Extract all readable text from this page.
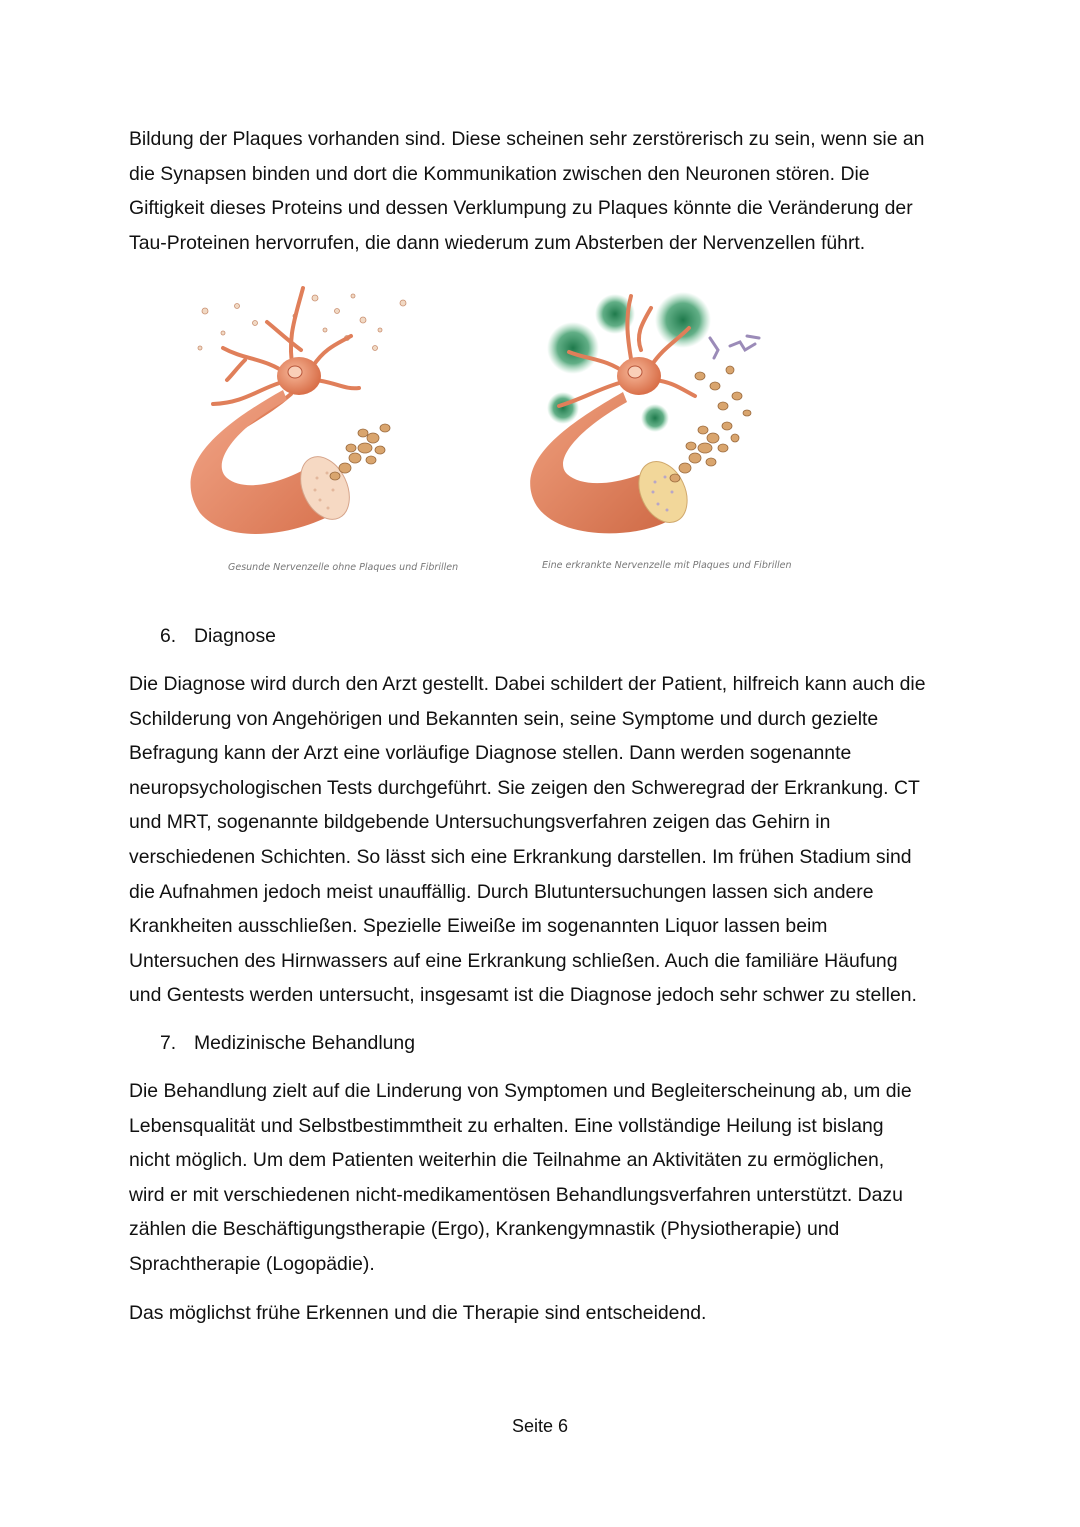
Bildung der Plaques vorhanden sind. Diese scheinen sehr zerstörerisch zu sein, wenn sie an
die Synapsen binden und dort die Kommunikation zwischen den Neuronen stören. Die
Giftigkeit dieses Proteins und dessen Verklumpung zu Plaques könnte die Veränderung der
Tau-Proteinen hervorrufen, die dann wiederum zum Absterben der Nervenzellen führt.
Gesunde Nervenzelle ohne Plaques und Fibrillen	Eine erkrankte Nervenzelle mit Plaques und Fibrillen
6. Diagnose
Die Diagnose wird durch den Arzt gestellt. Dabei schildert der Patient, hilfreich kann auch die
Schilderung von Angehörigen und Bekannten sein, seine Symptome und durch gezielte
Befragung kann der Arzt eine vorläufige Diagnose stellen. Dann werden sogenannte
neuropsychologischen Tests durchgeführt. Sie zeigen den Schweregrad der Erkrankung. CT
und MRT, sogenannte bildgebende Untersuchungsverfahren zeigen das Gehirn in
verschiedenen Schichten. So lässt sich eine Erkrankung darstellen. Im frühen Stadium sind
die Aufnahmen jedoch meist unauffällig. Durch Blutuntersuchungen lassen sich andere
Krankheiten ausschließen. Spezielle Eiweiße im sogenannten Liquor lassen beim
Untersuchen des Hirnwassers auf eine Erkrankung schließen. Auch die familiäre Häufung
und Gentests werden untersucht, insgesamt ist die Diagnose jedoch sehr schwer zu stellen.
7. Medizinische Behandlung
Die Behandlung zielt auf die Linderung von Symptomen und Begleiterscheinung ab, um die
Lebensqualität und Selbstbestimmtheit zu erhalten. Eine vollständige Heilung ist bislang
nicht möglich. Um dem Patienten weiterhin die Teilnahme an Aktivitäten zu ermöglichen,
wird er mit verschiedenen nicht-medikamentösen Behandlungsverfahren unterstützt. Dazu
zählen die Beschäftigungstherapie (Ergo), Krankengymnastik (Physiotherapie) und
Sprachtherapie (Logopädie).
Das möglichst frühe Erkennen und die Therapie sind entscheidend.
Seite 6
